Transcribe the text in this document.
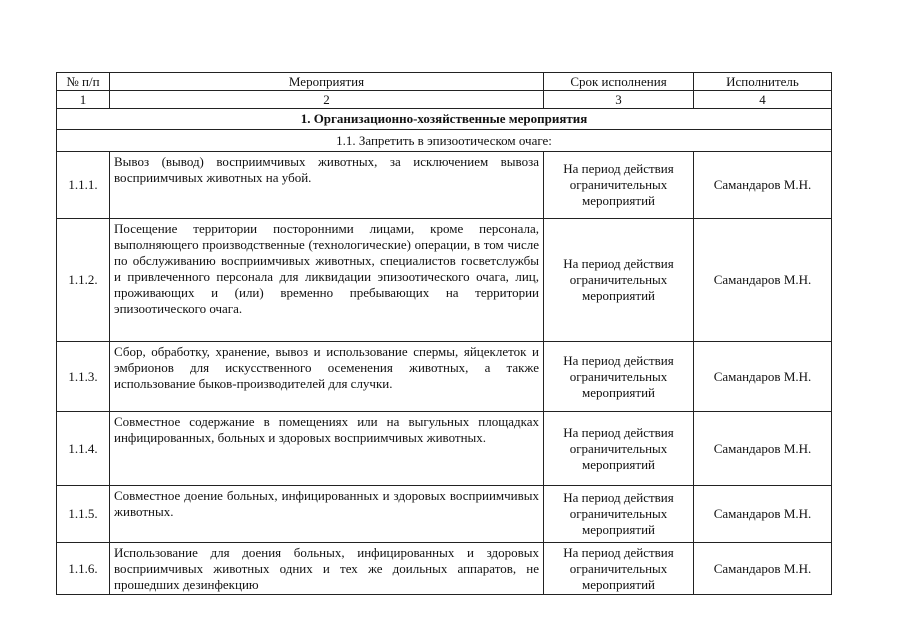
№ п/п	Мероприятия	Срок исполнения	Исполнитель
1	2	3	4
1. Организационно-хозяйственные мероприятия			
1.1. Запретить в эпизоотическом очаге:			
1.1.1.	Вывоз (вывод) восприимчивых животных, за исключением вывоза восприимчивых животных на убой.	На период действия ограничительных мероприятий	Самандаров М.Н.
1.1.2.	Посещение территории посторонними лицами, кроме персонала, выполняющего производственные (технологические) операции, в том числе по обслуживанию восприимчивых животных, специалистов госветслужбы и привлеченного персонала для ликвидации эпизоотического очага, лиц, проживающих и (или) временно пребывающих на территории эпизоотического очага.	На период действия ограничительных мероприятий	Самандаров М.Н.
1.1.3.	Сбор, обработку, хранение, вывоз и использование спермы, яйцеклеток и эмбрионов для искусственного осеменения животных, а также использование быков-производителей для случки.	На период действия ограничительных мероприятий	Самандаров М.Н.
1.1.4.	Совместное содержание в помещениях или на выгульных площадках инфицированных, больных и здоровых восприимчивых животных.	На период действия ограничительных мероприятий	Самандаров М.Н.
1.1.5.	Совместное доение больных, инфицированных и здоровых восприимчивых животных.	На период действия ограничительных мероприятий	Самандаров М.Н.
1.1.6.	Использование для доения больных, инфицированных и здоровых восприимчивых животных одних и тех же доильных аппаратов, не прошедших дезинфекцию	На период действия ограничительных мероприятий	Самандаров М.Н.
